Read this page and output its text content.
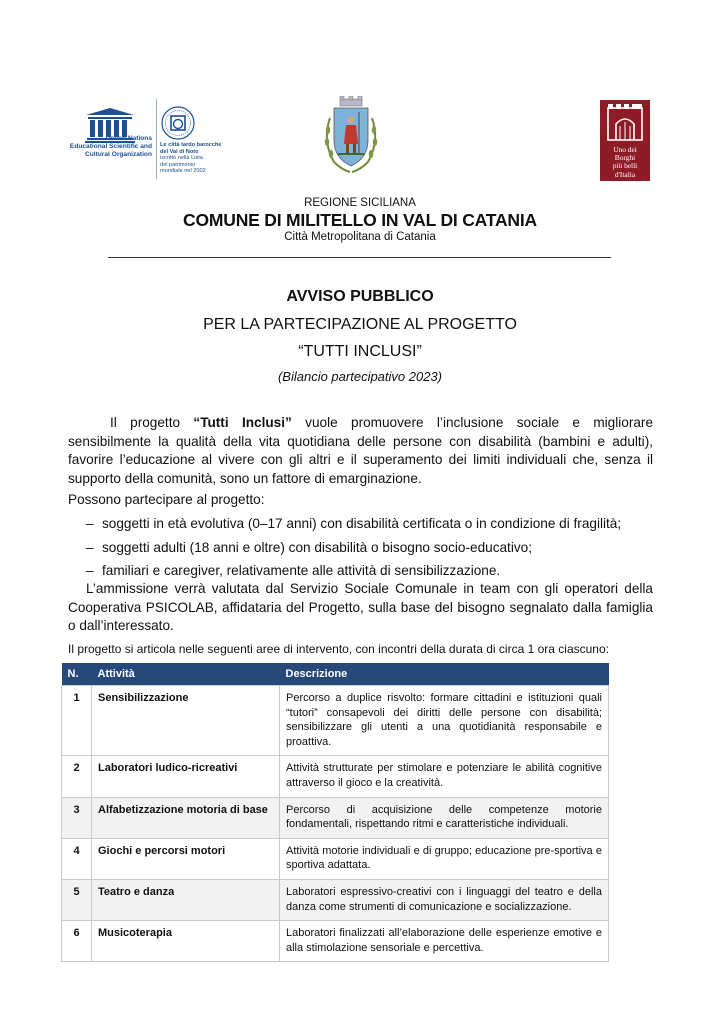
United Nations
Educational Scientific and
Cultural Organization
Le città tardo barocche
del Val di Noto
iscritto nella Lista
del patrimonio
mondiale nel 2002
Uno dei
Borghi
più belli
d'Italia
REGIONE SICILIANA
COMUNE DI MILITELLO IN VAL DI CATANIA
Città Metropolitana di Catania
AVVISO PUBBLICO
PER LA PARTECIPAZIONE AL PROGETTO
“TUTTI INCLUSI”
(Bilancio partecipativo 2023)
Il progetto “Tutti Inclusi” vuole promuovere l’inclusione sociale e migliorare sensibilmente la qualità della vita quotidiana delle persone con disabilità (bambini e adulti), favorire l’educazione al vivere con gli altri e il superamento dei limiti individuali che, senza il supporto della comunità, sono un fattore di emarginazione.
Possono partecipare al progetto:
– soggetti in età evolutiva (0–17 anni) con disabilità certificata o in condizione di fragilità;
– soggetti adulti (18 anni e oltre) con disabilità o bisogno socio-educativo;
– familiari e caregiver, relativamente alle attività di sensibilizzazione.
L’ammissione verrà valutata dal Servizio Sociale Comunale in team con gli operatori della Cooperativa PSICOLAB, affidataria del Progetto, sulla base del bisogno segnalato dalla famiglia o dall’interessato.
Il progetto si articola nelle seguenti aree di intervento, con incontri della durata di circa 1 ora ciascuno:
N.	Attività	Descrizione
1	Sensibilizzazione	Percorso a duplice risvolto: formare cittadini e istituzioni quali “tutori” consapevoli dei diritti delle persone con disabilità; sensibilizzare gli utenti a una quotidianità responsabile e proattiva.
2	Laboratori ludico-ricreativi	Attività strutturate per stimolare e potenziare le abilità cognitive attraverso il gioco e la creatività.
3	Alfabetizzazione motoria di base	Percorso di acquisizione delle competenze motorie fondamentali, rispettando ritmi e caratteristiche individuali.
4	Giochi e percorsi motori	Attività motorie individuali e di gruppo; educazione pre-sportiva e sportiva adattata.
5	Teatro e danza	Laboratori espressivo-creativi con i linguaggi del teatro e della danza come strumenti di comunicazione e socializzazione.
6	Musicoterapia	Laboratori finalizzati all’elaborazione delle esperienze emotive e alla stimolazione sensoriale e percettiva.
